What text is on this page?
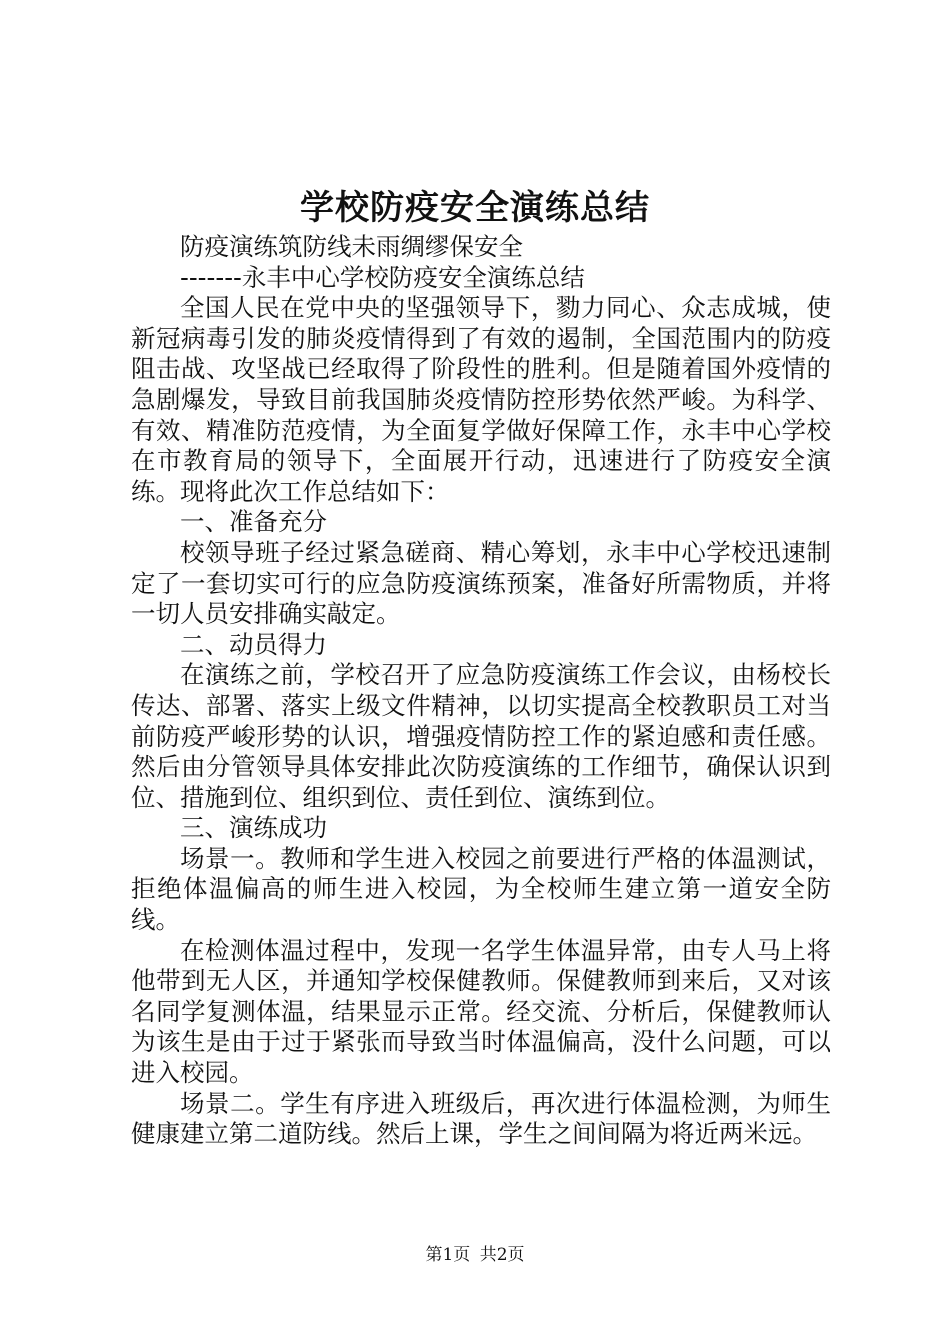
学校防疫安全演练总结

防疫演练筑防线未雨绸缪保安全

-------永丰中心学校防疫安全演练总结

全国人民在党中央的坚强领导下，勠力同心、众志成城，使新冠病毒引发的肺炎疫情得到了有效的遏制，全国范围内的防疫阻击战、攻坚战已经取得了阶段性的胜利。但是随着国外疫情的急剧爆发，导致目前我国肺炎疫情防控形势依然严峻。为科学、有效、精准防范疫情，为全面复学做好保障工作，永丰中心学校在市教育局的领导下，全面展开行动，迅速进行了防疫安全演练。现将此次工作总结如下：

一、准备充分

校领导班子经过紧急磋商、精心筹划，永丰中心学校迅速制定了一套切实可行的应急防疫演练预案，准备好所需物质，并将一切人员安排确实敲定。

二、动员得力

在演练之前，学校召开了应急防疫演练工作会议，由杨校长传达、部署、落实上级文件精神，以切实提高全校教职员工对当前防疫严峻形势的认识，增强疫情防控工作的紧迫感和责任感。然后由分管领导具体安排此次防疫演练的工作细节，确保认识到位、措施到位、组织到位、责任到位、演练到位。

三、演练成功

场景一。教师和学生进入校园之前要进行严格的体温测试，拒绝体温偏高的师生进入校园，为全校师生建立第一道安全防线。

在检测体温过程中，发现一名学生体温异常，由专人马上将他带到无人区，并通知学校保健教师。保健教师到来后，又对该名同学复测体温，结果显示正常。经交流、分析后，保健教师认为该生是由于过于紧张而导致当时体温偏高，没什么问题，可以进入校园。

场景二。学生有序进入班级后，再次进行体温检测，为师生健康建立第二道防线。然后上课，学生之间间隔为将近两米远。

第1页 共2页
